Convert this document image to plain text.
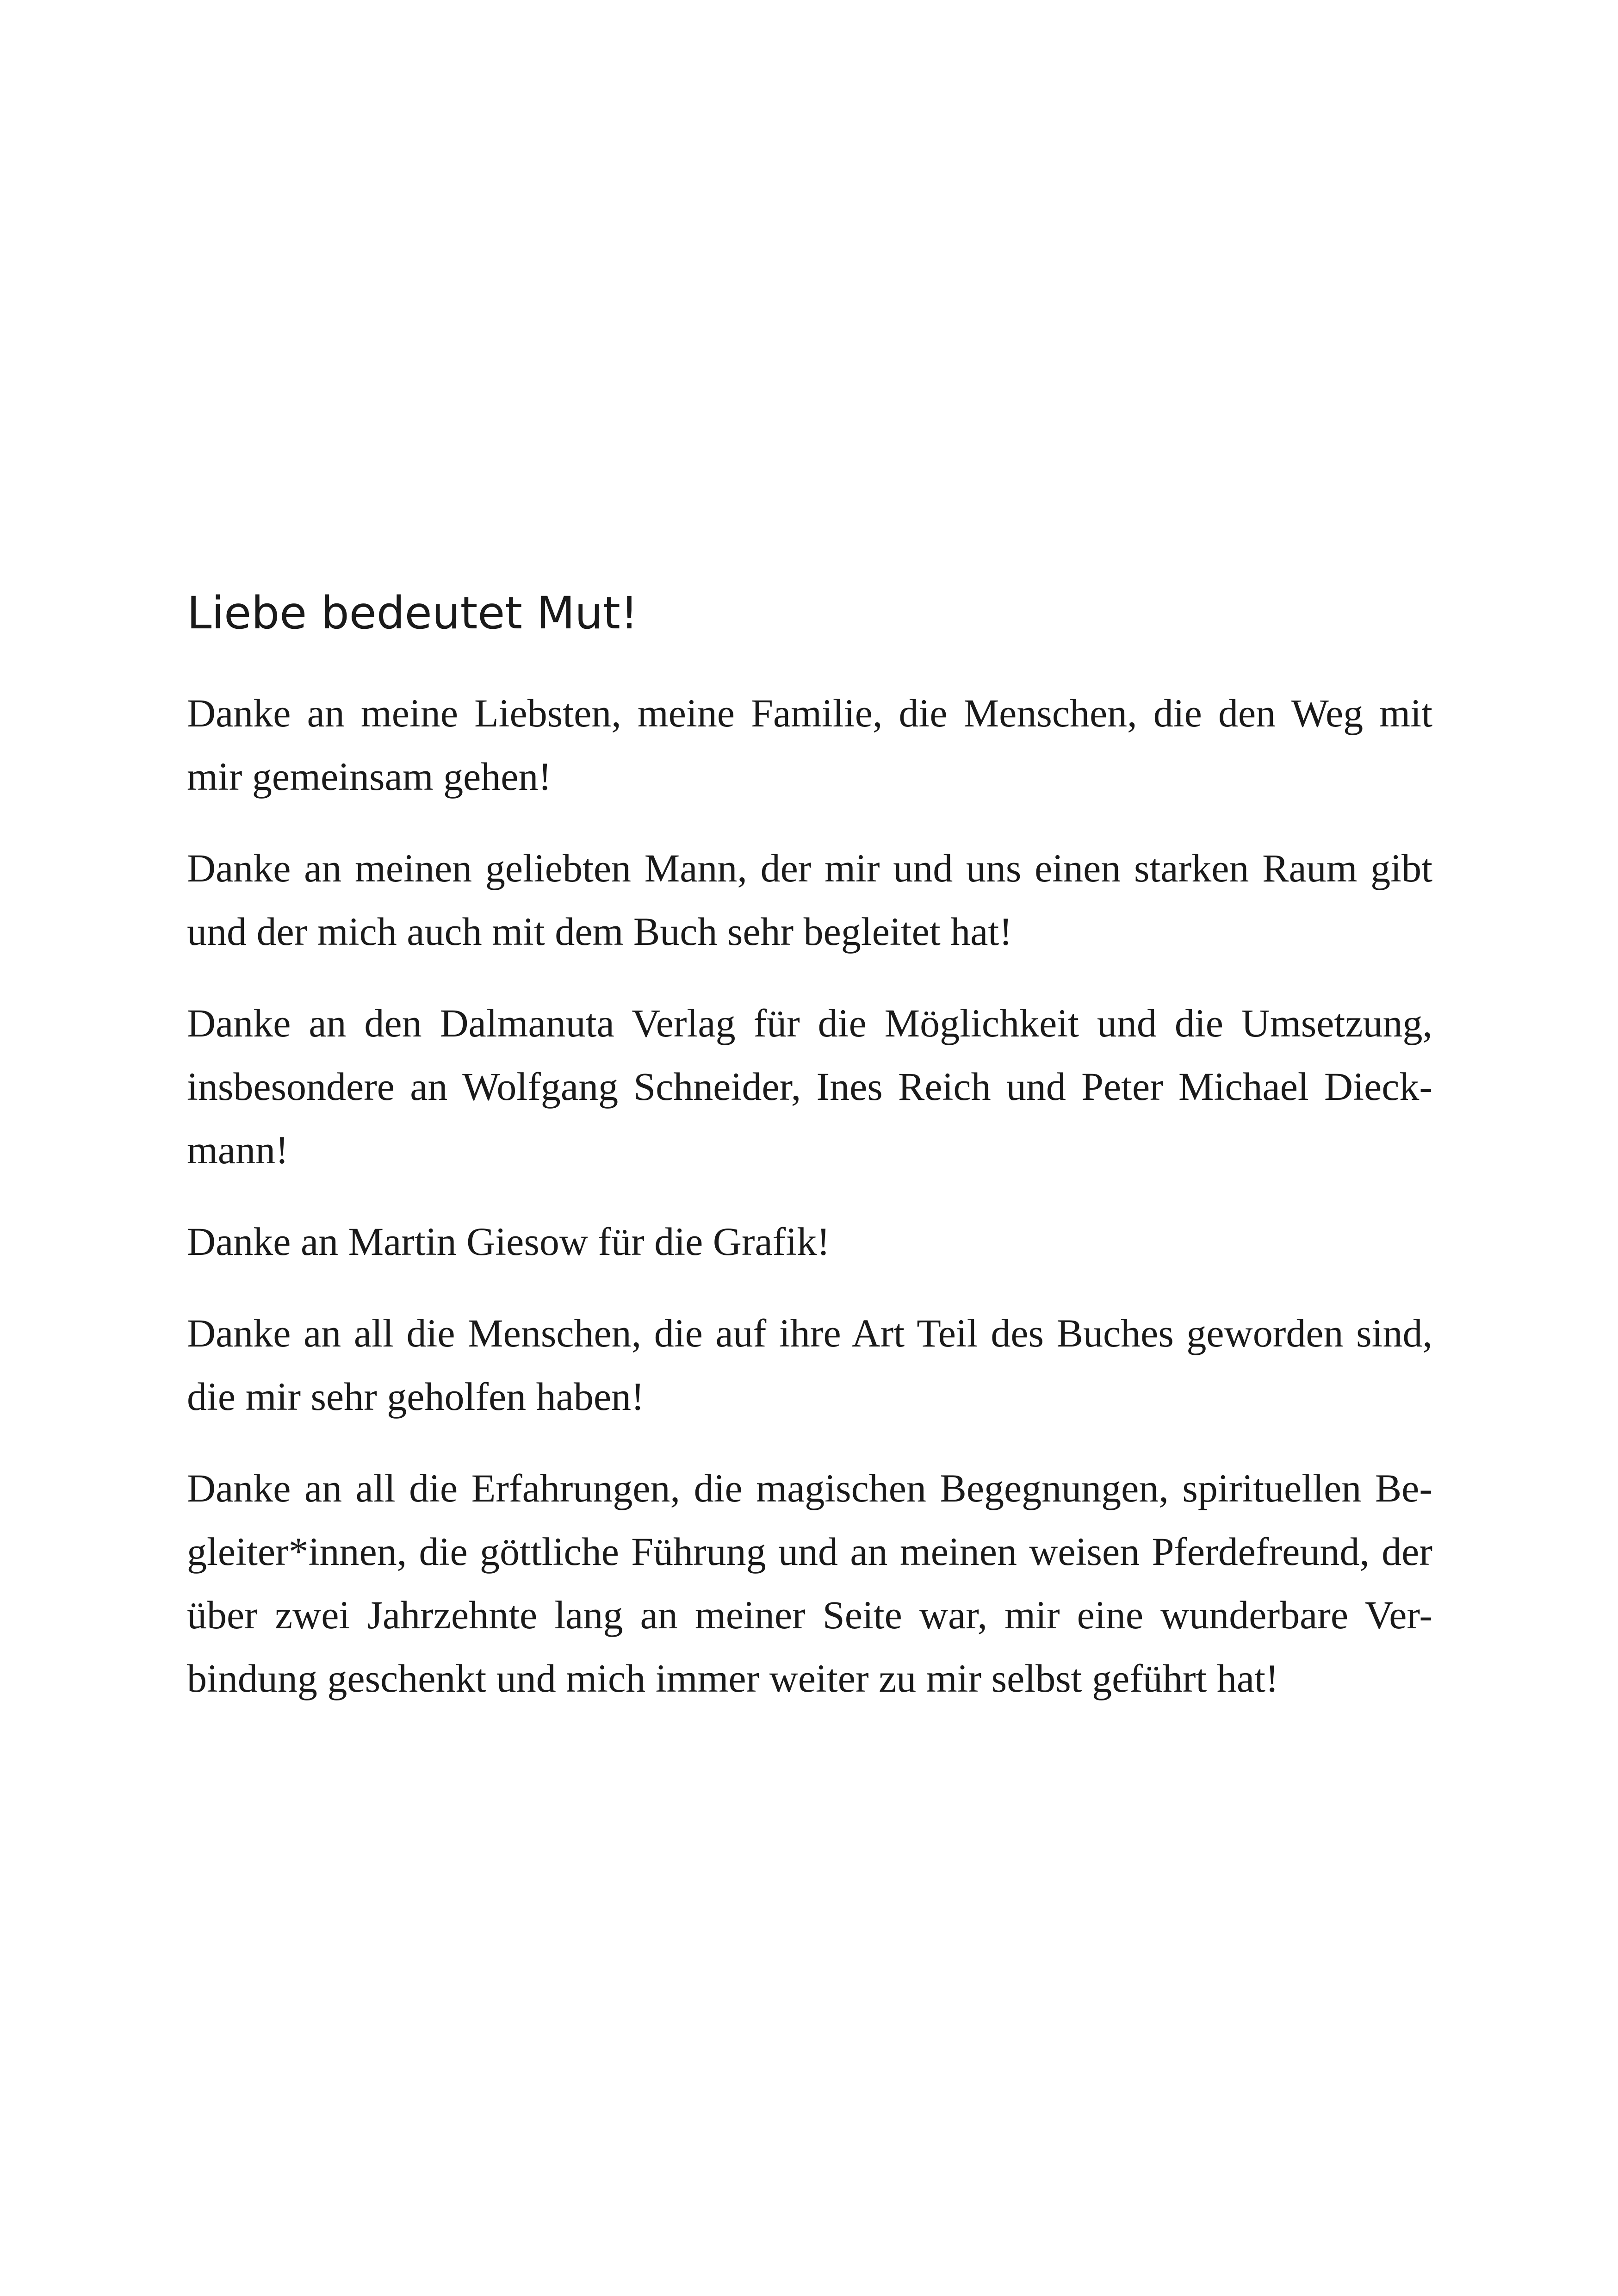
Liebe bedeutet Mut!

Danke an meine Liebsten, meine Familie, die Menschen, die den Weg mit
mir gemeinsam gehen!

Danke an meinen geliebten Mann, der mir und uns einen starken Raum gibt
und der mich auch mit dem Buch sehr begleitet hat!

Danke an den Dalmanuta Verlag für die Möglichkeit und die Umsetzung,
insbesondere an Wolfgang Schneider, Ines Reich und Peter Michael Dieck-
mann!

Danke an Martin Giesow für die Grafik!

Danke an all die Menschen, die auf ihre Art Teil des Buches geworden sind,
die mir sehr geholfen haben!

Danke an all die Erfahrungen, die magischen Begegnungen, spirituellen Be-
gleiter*innen, die göttliche Führung und an meinen weisen Pferdefreund, der
über zwei Jahrzehnte lang an meiner Seite war, mir eine wunderbare Ver-
bindung geschenkt und mich immer weiter zu mir selbst geführt hat!
